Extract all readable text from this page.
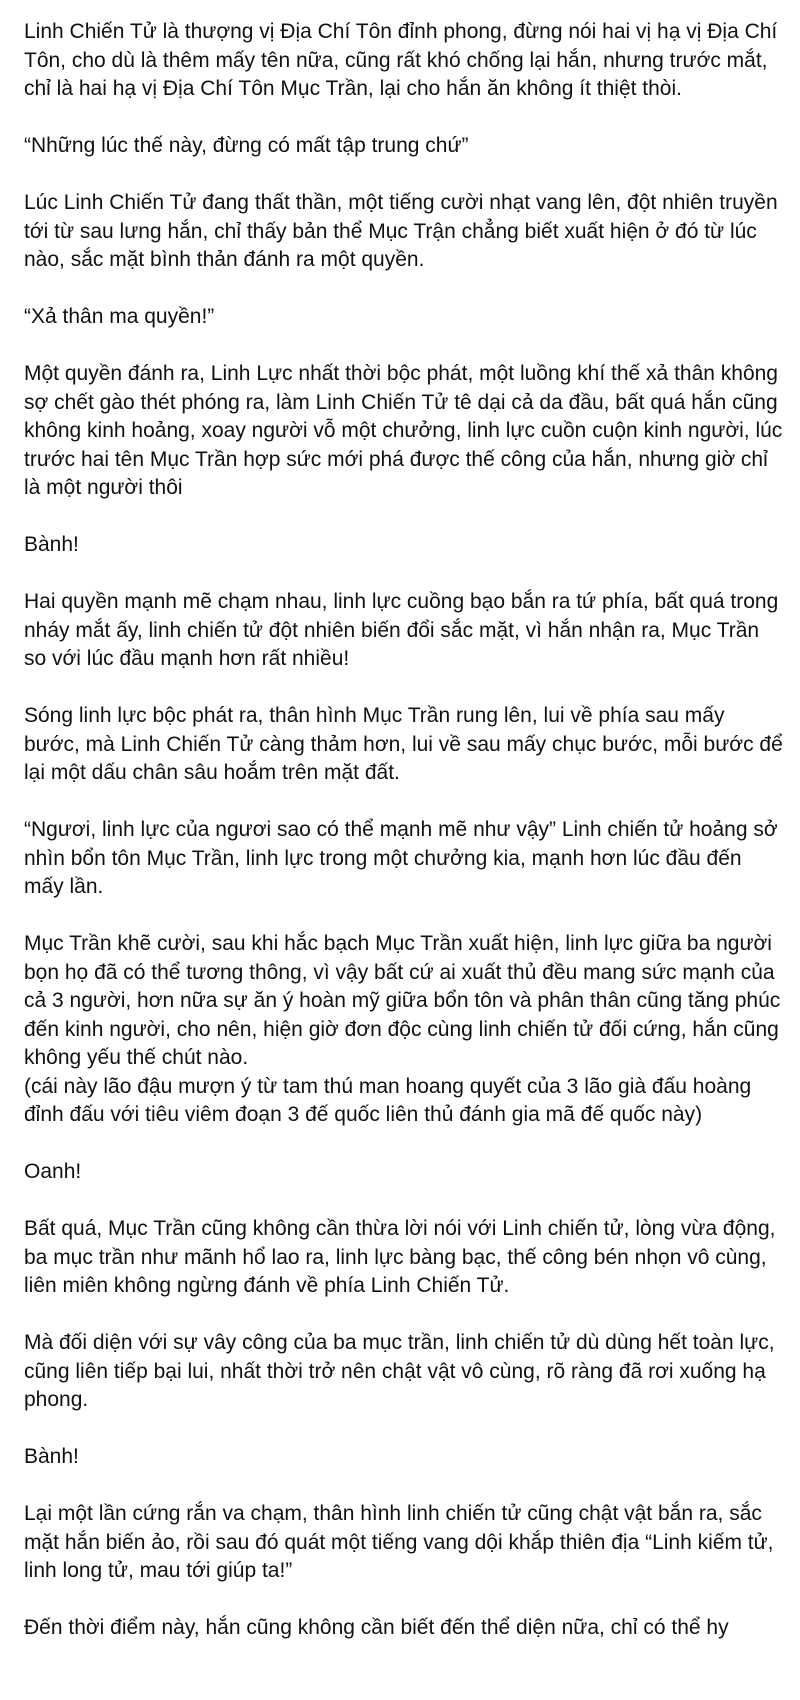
Linh Chiến Tử là thượng vị Địa Chí Tôn đỉnh phong, đừng nói hai vị hạ vị Địa Chí Tôn, cho dù là thêm mấy tên nữa, cũng rất khó chống lại hắn, nhưng trước mắt, chỉ là hai hạ vị Địa Chí Tôn Mục Trần, lại cho hắn ăn không ít thiệt thòi.

“Những lúc thế này, đừng có mất tập trung chứ”

Lúc Linh Chiến Tử đang thất thần, một tiếng cười nhạt vang lên, đột nhiên truyền tới từ sau lưng hắn, chỉ thấy bản thể Mục Trận chẳng biết xuất hiện ở đó từ lúc nào, sắc mặt bình thản đánh ra một quyền.

“Xả thân ma quyền!”

Một quyền đánh ra, Linh Lực nhất thời bộc phát, một luồng khí thế xả thân không sợ chết gào thét phóng ra, làm Linh Chiến Tử tê dại cả da đầu, bất quá hắn cũng không kinh hoảng, xoay người vỗ một chưởng, linh lực cuồn cuộn kinh người, lúc trước hai tên Mục Trần hợp sức mới phá được thế công của hắn, nhưng giờ chỉ là một người thôi

Bành!

Hai quyền mạnh mẽ chạm nhau, linh lực cuồng bạo bắn ra tứ phía, bất quá trong nháy mắt ấy, linh chiến tử đột nhiên biến đổi sắc mặt, vì hắn nhận ra, Mục Trần so với lúc đầu mạnh hơn rất nhiều!

Sóng linh lực bộc phát ra, thân hình Mục Trần rung lên, lui về phía sau mấy bước, mà Linh Chiến Tử càng thảm hơn, lui về sau mấy chục bước, mỗi bước để lại một dấu chân sâu hoắm trên mặt đất.

“Ngươi, linh lực của ngươi sao có thể mạnh mẽ như vậy” Linh chiến tử hoảng sở nhìn bổn tôn Mục Trần, linh lực trong một chưởng kia, mạnh hơn lúc đầu đến mấy lần.

Mục Trần khẽ cười, sau khi hắc bạch Mục Trần xuất hiện, linh lực giữa ba người bọn họ đã có thể tương thông, vì vậy bất cứ ai xuất thủ đều mang sức mạnh của cả 3 người, hơn nữa sự ăn ý hoàn mỹ giữa bổn tôn và phân thân cũng tăng phúc đến kinh người, cho nên, hiện giờ đơn độc cùng linh chiến tử đối cứng, hắn cũng không yếu thế chút nào.
(cái này lão đậu mượn ý từ tam thú man hoang quyết của 3 lão già đấu hoàng đỉnh đấu với tiêu viêm đoạn 3 đế quốc liên thủ đánh gia mã đế quốc này)

Oanh!

Bất quá, Mục Trần cũng không cần thừa lời nói với Linh chiến tử, lòng vừa động, ba mục trần như mãnh hổ lao ra, linh lực bàng bạc, thế công bén nhọn vô cùng, liên miên không ngừng đánh về phía Linh Chiến Tử.

Mà đối diện với sự vây công của ba mục trần, linh chiến tử dù dùng hết toàn lực, cũng liên tiếp bại lui, nhất thời trở nên chật vật vô cùng, rõ ràng đã rơi xuống hạ phong.

Bành!

Lại một lần cứng rắn va chạm, thân hình linh chiến tử cũng chật vật bắn ra, sắc mặt hắn biến ảo, rồi sau đó quát một tiếng vang dội khắp thiên địa “Linh kiếm tử, linh long tử, mau tới giúp ta!”

Đến thời điểm này, hắn cũng không cần biết đến thể diện nữa, chỉ có thể hy
